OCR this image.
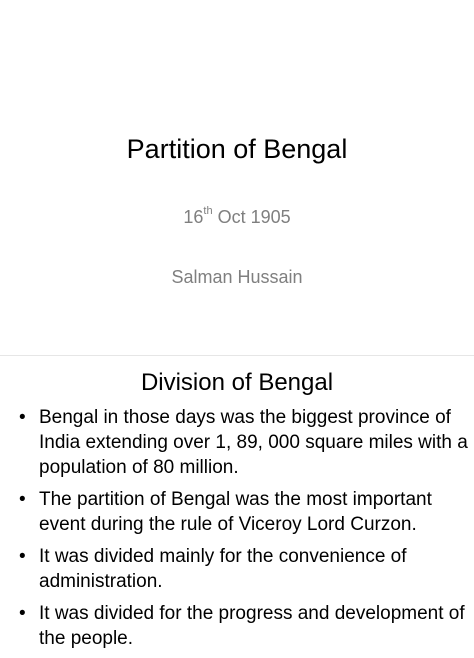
Partition of Bengal
16th Oct 1905
Salman Hussain
Division of Bengal
• Bengal in those days was the biggest province of India extending over 1, 89, 000 square miles with a population of 80 million.
• The partition of Bengal was the most important event during the rule of Viceroy Lord Curzon.
• It was divided mainly for the convenience of administration.
• It was divided for the progress and development of the people.
